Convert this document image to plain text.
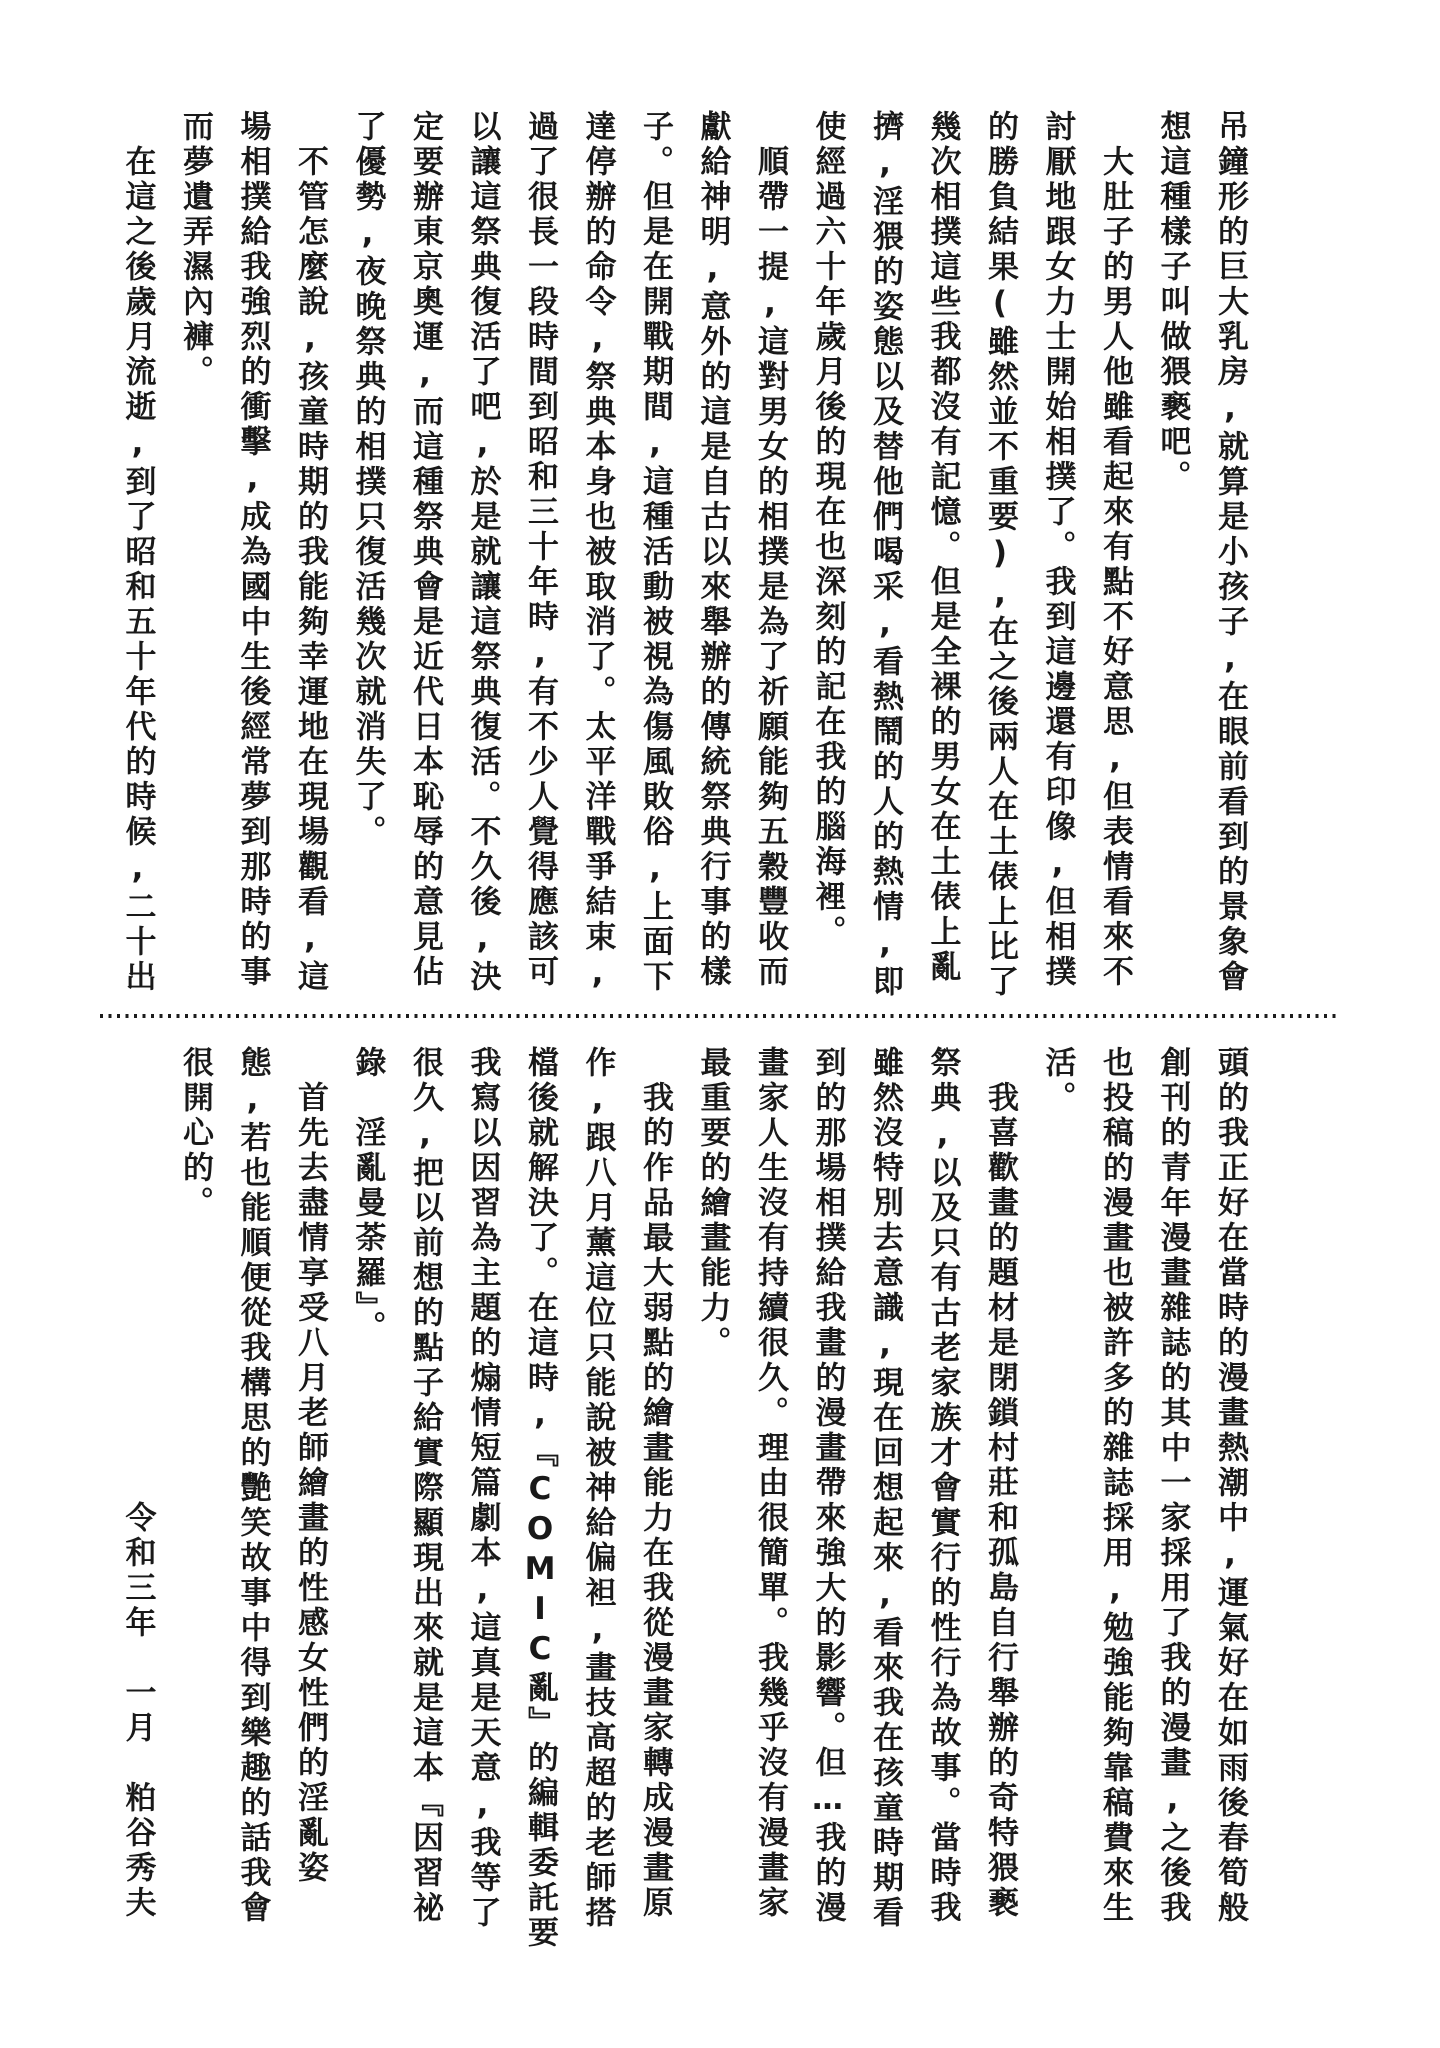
吊鐘形的巨大乳房,就算是小孩子,在眼前看到的景象會

想這種樣子叫做猥褻吧。

　大肚子的男人他雖看起來有點不好意思,但表情看來不

討厭地跟女力士開始相撲了。我到這邊還有印像,但相撲

的勝負結果(雖然並不重要),在之後兩人在土俵上比了

幾次相撲這些我都沒有記憶。但是全裸的男女在土俵上亂

擠,淫猥的姿態以及替他們喝采,看熱鬧的人的熱情,即

使經過六十年歲月後的現在也深刻的記在我的腦海裡。

　順帶一提,這對男女的相撲是為了祈願能夠五穀豐收而

獻給神明,意外的這是自古以來舉辦的傳統祭典行事的樣

子。但是在開戰期間,這種活動被視為傷風敗俗,上面下

達停辦的命令,祭典本身也被取消了。太平洋戰爭結束,

過了很長一段時間到昭和三十年時,有不少人覺得應該可

以讓這祭典復活了吧,於是就讓這祭典復活。不久後,決

定要辦東京奧運,而這種祭典會是近代日本恥辱的意見佔

了優勢,夜晚祭典的相撲只復活幾次就消失了。

　不管怎麼說,孩童時期的我能夠幸運地在現場觀看,這

場相撲給我強烈的衝擊,成為國中生後經常夢到那時的事

而夢遺弄濕內褲。

　在這之後歲月流逝,到了昭和五十年代的時候,二十出

頭的我正好在當時的漫畫熱潮中,運氣好在如雨後春筍般

創刊的青年漫畫雜誌的其中一家採用了我的漫畫,之後我

也投稿的漫畫也被許多的雜誌採用,勉強能夠靠稿費來生

活。

　我喜歡畫的題材是閉鎖村莊和孤島自行舉辦的奇特猥褻

祭典,以及只有古老家族才會實行的性行為故事。當時我

雖然沒特別去意識,現在回想起來,看來我在孩童時期看

到的那場相撲給我畫的漫畫帶來強大的影響。但…我的漫

畫家人生沒有持續很久。理由很簡單。我幾乎沒有漫畫家

最重要的繪畫能力。

　我的作品最大弱點的繪畫能力在我從漫畫家轉成漫畫原

作,跟八月薰這位只能說被神給偏袒,畫技高超的老師搭

檔後就解決了。在這時,『COMIC亂』的編輯委託要

我寫以因習為主題的煽情短篇劇本,這真是天意,我等了

很久,把以前想的點子給實際顯現出來就是這本『因習祕

錄　淫亂曼荼羅』。

　首先去盡情享受八月老師繪畫的性感女性們的淫亂姿

態,若也能順便從我構思的艷笑故事中得到樂趣的話我會

很開心的。

令和三年　一月　粕谷秀夫
